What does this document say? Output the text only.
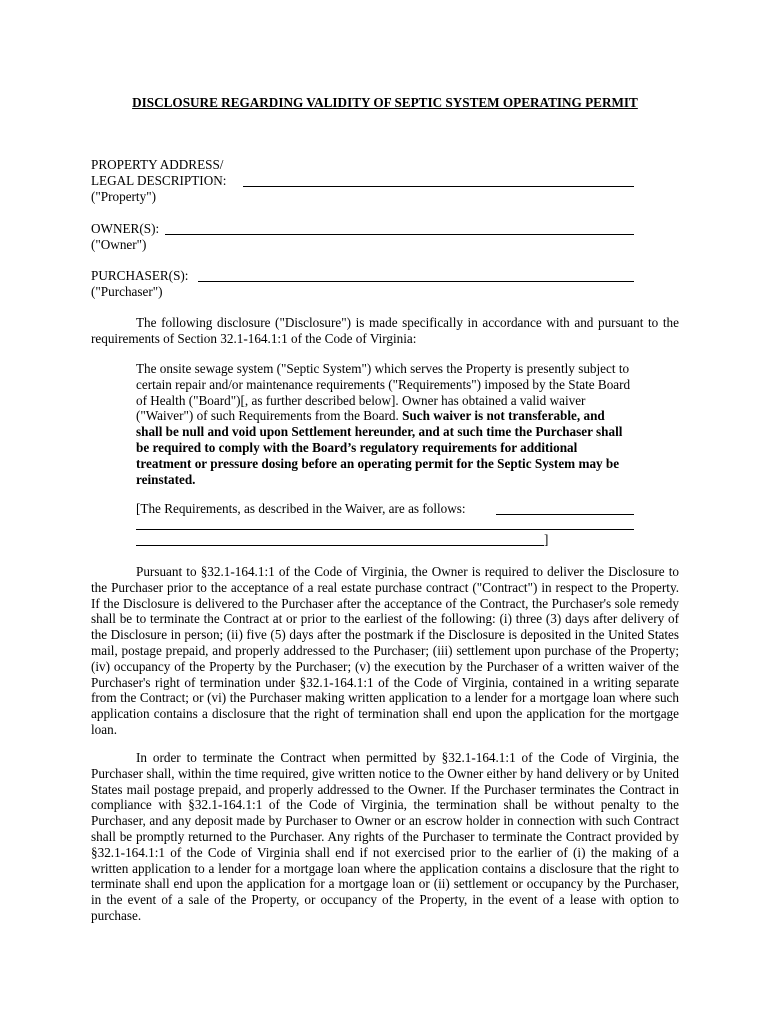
DISCLOSURE REGARDING VALIDITY OF SEPTIC SYSTEM OPERATING PERMIT
PROPERTY ADDRESS/
LEGAL DESCRIPTION:
("Property")
OWNER(S):
("Owner")
PURCHASER(S):
("Purchaser")
The following disclosure ("Disclosure") is made specifically in accordance with and pursuant to the requirements of Section 32.1-164.1:1 of the Code of Virginia:
The onsite sewage system ("Septic System") which serves the Property is presently subject to certain repair and/or maintenance requirements ("Requirements") imposed by the State Board of Health ("Board")[, as further described below]. Owner has obtained a valid waiver ("Waiver") of such Requirements from the Board. Such waiver is not transferable, and shall be null and void upon Settlement hereunder, and at such time the Purchaser shall be required to comply with the Board’s regulatory requirements for additional treatment or pressure dosing before an operating permit for the Septic System may be reinstated.
[The Requirements, as described in the Waiver, are as follows:
]
Pursuant to §32.1-164.1:1 of the Code of Virginia, the Owner is required to deliver the Disclosure to the Purchaser prior to the acceptance of a real estate purchase contract ("Contract") in respect to the Property. If the Disclosure is delivered to the Purchaser after the acceptance of the Contract, the Purchaser's sole remedy shall be to terminate the Contract at or prior to the earliest of the following: (i) three (3) days after delivery of the Disclosure in person; (ii) five (5) days after the postmark if the Disclosure is deposited in the United States mail, postage prepaid, and properly addressed to the Purchaser; (iii) settlement upon purchase of the Property; (iv) occupancy of the Property by the Purchaser; (v) the execution by the Purchaser of a written waiver of the Purchaser's right of termination under §32.1-164.1:1 of the Code of Virginia, contained in a writing separate from the Contract; or (vi) the Purchaser making written application to a lender for a mortgage loan where such application contains a disclosure that the right of termination shall end upon the application for the mortgage loan.
In order to terminate the Contract when permitted by §32.1-164.1:1 of the Code of Virginia, the Purchaser shall, within the time required, give written notice to the Owner either by hand delivery or by United States mail postage prepaid, and properly addressed to the Owner. If the Purchaser terminates the Contract in compliance with §32.1-164.1:1 of the Code of Virginia, the termination shall be without penalty to the Purchaser, and any deposit made by Purchaser to Owner or an escrow holder in connection with such Contract shall be promptly returned to the Purchaser. Any rights of the Purchaser to terminate the Contract provided by §32.1-164.1:1 of the Code of Virginia shall end if not exercised prior to the earlier of (i) the making of a written application to a lender for a mortgage loan where the application contains a disclosure that the right to terminate shall end upon the application for a mortgage loan or (ii) settlement or occupancy by the Purchaser, in the event of a sale of the Property, or occupancy of the Property, in the event of a lease with option to purchase.
